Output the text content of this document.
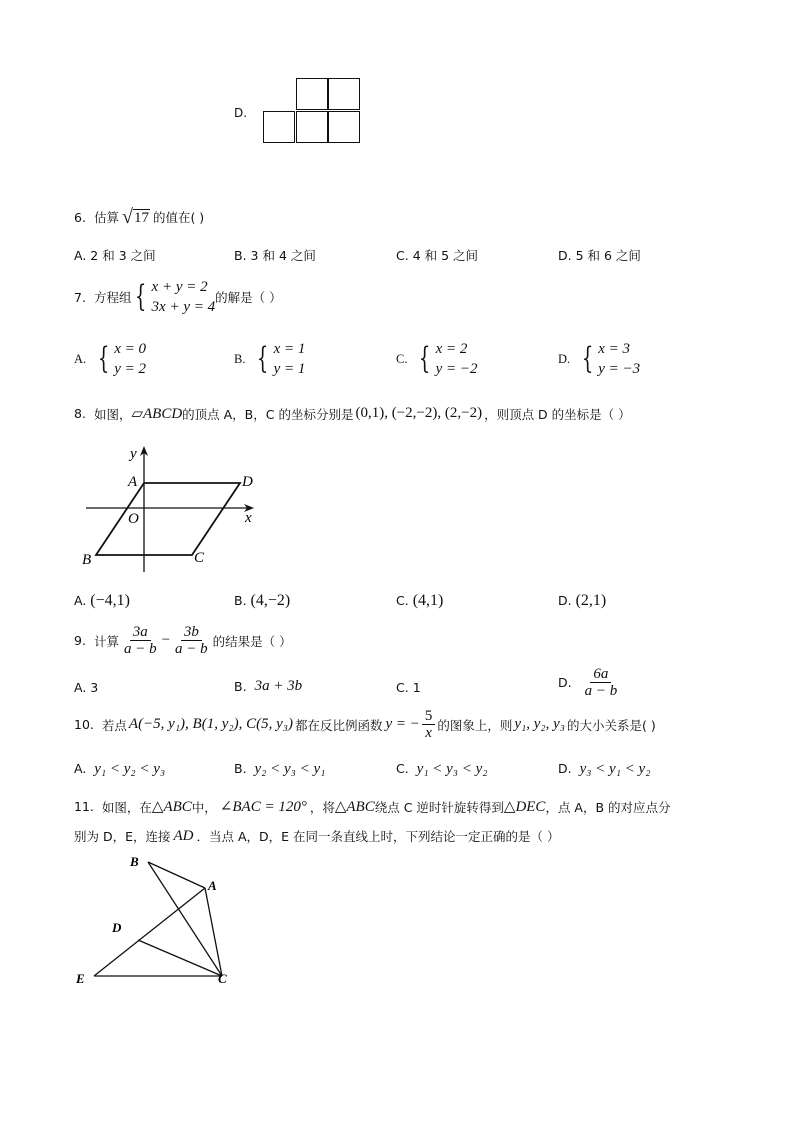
D.
6. 估算 √ 17 的值在( )
A. 2 和 3 之间	B. 3 和 4 之间	C. 4 和 5 之间	D. 5 和 6 之间
7. 方程组 { x + y = 2
3x + y = 4
的解是（ ）
A. { x = 0
y = 2
B. { x = 1
y = 1
C. { x = 2
y = −2
D. { x = 3
y = −3
8. 如图， ▱ABCD 的顶点 A，B，C 的坐标分别是 (0,1), (−2,−2), (2,−2) ，则顶点 D 的坐标是（ ）
y
x
A	D
O
B	C
A. (−4,1)	B. (4,−2)	C. (4,1)	D. (2,1)
9. 计算 $\frac{3a}{a - b} - \frac{3b}{a - b}$ 的结果是（ ）
A. 3	B. 3a + 3b	C. 1	D. $\frac{6a}{a - b}$
10. 若点 A(−5, y₁), B(1, y₂), C(5, y₃) 都在反比例函数 y = − $\frac{5}{x}$ 的图象上，则 y₁, y₂, y₃ 的大小关系是( )
A. y₁ < y₂ < y₃	B. y₂ < y₃ < y₁	C. y₁ < y₃ < y₂	D. y₃ < y₁ < y₂
11. 如图，在 △ABC 中， ∠BAC = 120° ，将 △ABC 绕点 C 逆时针旋转得到 △DEC ，点 A，B 的对应点分
别为 D，E，连接 AD ．当点 A，D，E 在同一条直线上时，下列结论一定正确的是（ ）
B
A
D
E	C
